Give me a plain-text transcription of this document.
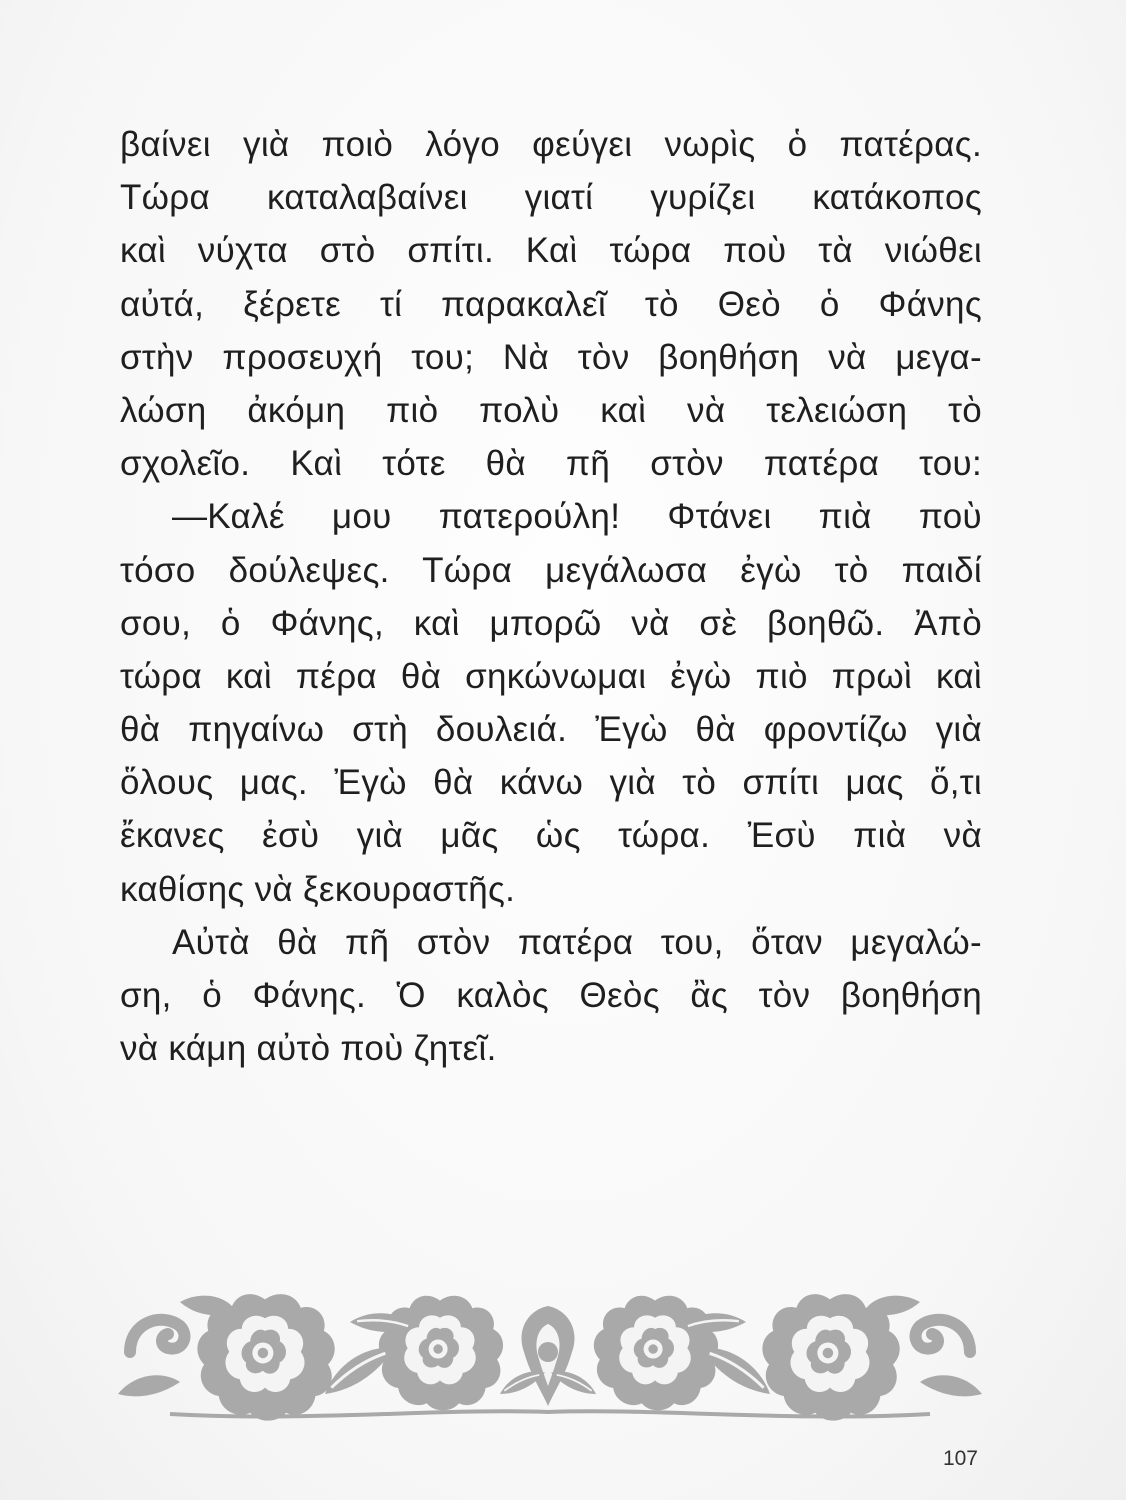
βαίνει γιὰ ποιὸ λόγο φεύγει νωρὶς ὁ πατέρας.
Τώρα καταλαβαίνει γιατί γυρίζει κατάκοπος
καὶ νύχτα στὸ σπίτι. Καὶ τώρα ποὺ τὰ νιώθει
αὐτά, ξέρετε τί παρακαλεῖ τὸ Θεὸ ὁ Φάνης
στὴν προσευχή του; Νὰ τὸν βοηθήση νὰ μεγα-
λώση ἀκόμη πιὸ πολὺ καὶ νὰ τελειώση τὸ
σχολεῖο. Καὶ τότε θὰ πῆ στὸν πατέρα του:
—Καλέ μου πατερούλη! Φτάνει πιὰ ποὺ
τόσο δούλεψες. Τώρα μεγάλωσα ἐγὼ τὸ παιδί
σου, ὁ Φάνης, καὶ μπορῶ νὰ σὲ βοηθῶ. Ἀπὸ
τώρα καὶ πέρα θὰ σηκώνωμαι ἐγὼ πιὸ πρωὶ καὶ
θὰ πηγαίνω στὴ δουλειά. Ἐγὼ θὰ φροντίζω γιὰ
ὅλους μας. Ἐγὼ θὰ κάνω γιὰ τὸ σπίτι μας ὅ,τι
ἔκανες ἐσὺ γιὰ μᾶς ὡς τώρα. Ἐσὺ πιὰ νὰ
καθίσης νὰ ξεκουραστῆς.
Αὐτὰ θὰ πῆ στὸν πατέρα του, ὅταν μεγαλώ-
ση, ὁ Φάνης. Ὁ καλὸς Θεὸς ἂς τὸν βοηθήση
νὰ κάμη αὐτὸ ποὺ ζητεῖ.
107
